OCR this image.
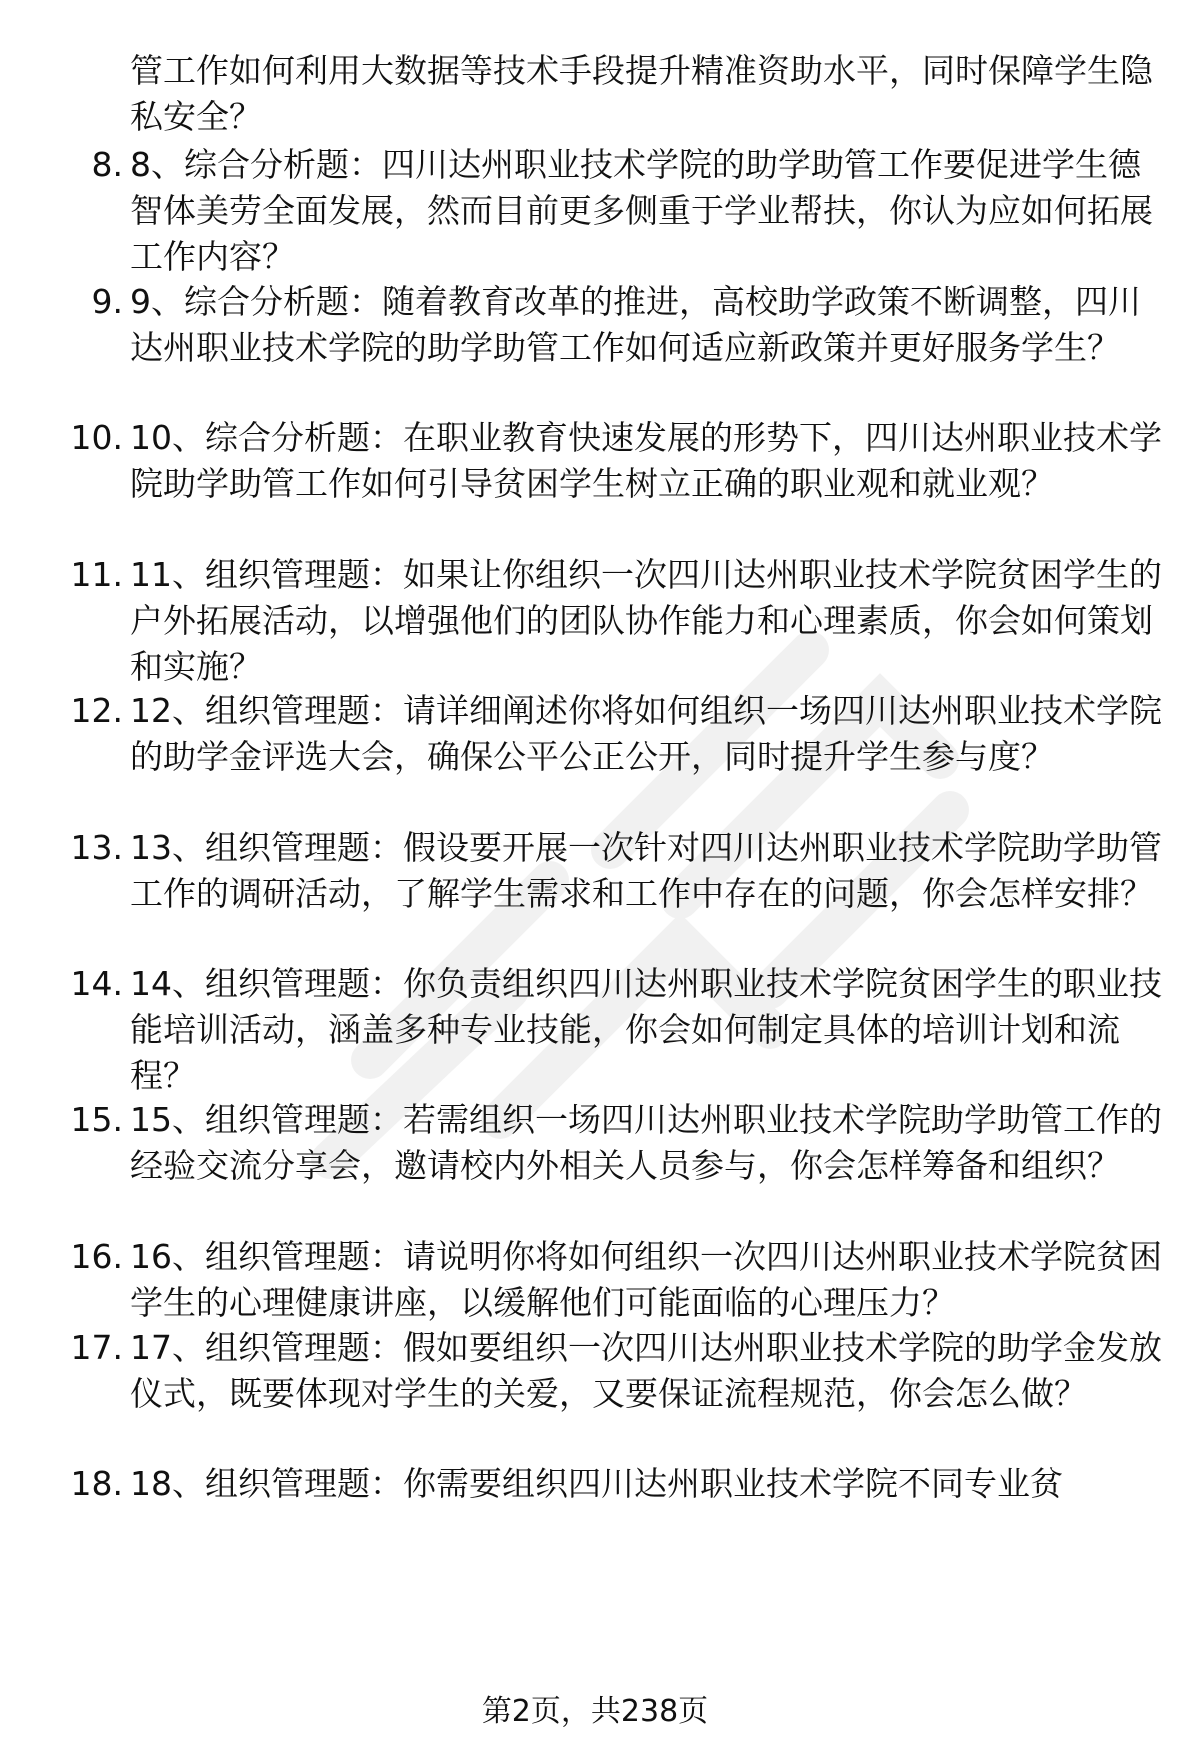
管工作如何利用大数据等技术手段提升精准资助水平，同时保障学生隐私安全？
8. 8、综合分析题：四川达州职业技术学院的助学助管工作要促进学生德智体美劳全面发展，然而目前更多侧重于学业帮扶，你认为应如何拓展工作内容？
9. 9、综合分析题：随着教育改革的推进，高校助学政策不断调整，四川达州职业技术学院的助学助管工作如何适应新政策并更好服务学生？
10. 10、综合分析题：在职业教育快速发展的形势下，四川达州职业技术学院助学助管工作如何引导贫困学生树立正确的职业观和就业观？
11. 11、组织管理题：如果让你组织一次四川达州职业技术学院贫困学生的户外拓展活动，以增强他们的团队协作能力和心理素质，你会如何策划和实施？
12. 12、组织管理题：请详细阐述你将如何组织一场四川达州职业技术学院的助学金评选大会，确保公平公正公开，同时提升学生参与度？
13. 13、组织管理题：假设要开展一次针对四川达州职业技术学院助学助管工作的调研活动，了解学生需求和工作中存在的问题，你会怎样安排？
14. 14、组织管理题：你负责组织四川达州职业技术学院贫困学生的职业技能培训活动，涵盖多种专业技能，你会如何制定具体的培训计划和流程？
15. 15、组织管理题：若需组织一场四川达州职业技术学院助学助管工作的经验交流分享会，邀请校内外相关人员参与，你会怎样筹备和组织？
16. 16、组织管理题：请说明你将如何组织一次四川达州职业技术学院贫困学生的心理健康讲座，以缓解他们可能面临的心理压力？
17. 17、组织管理题：假如要组织一次四川达州职业技术学院的助学金发放仪式，既要体现对学生的关爱，又要保证流程规范，你会怎么做？
18. 18、组织管理题：你需要组织四川达州职业技术学院不同专业贫
第2页，共238页
